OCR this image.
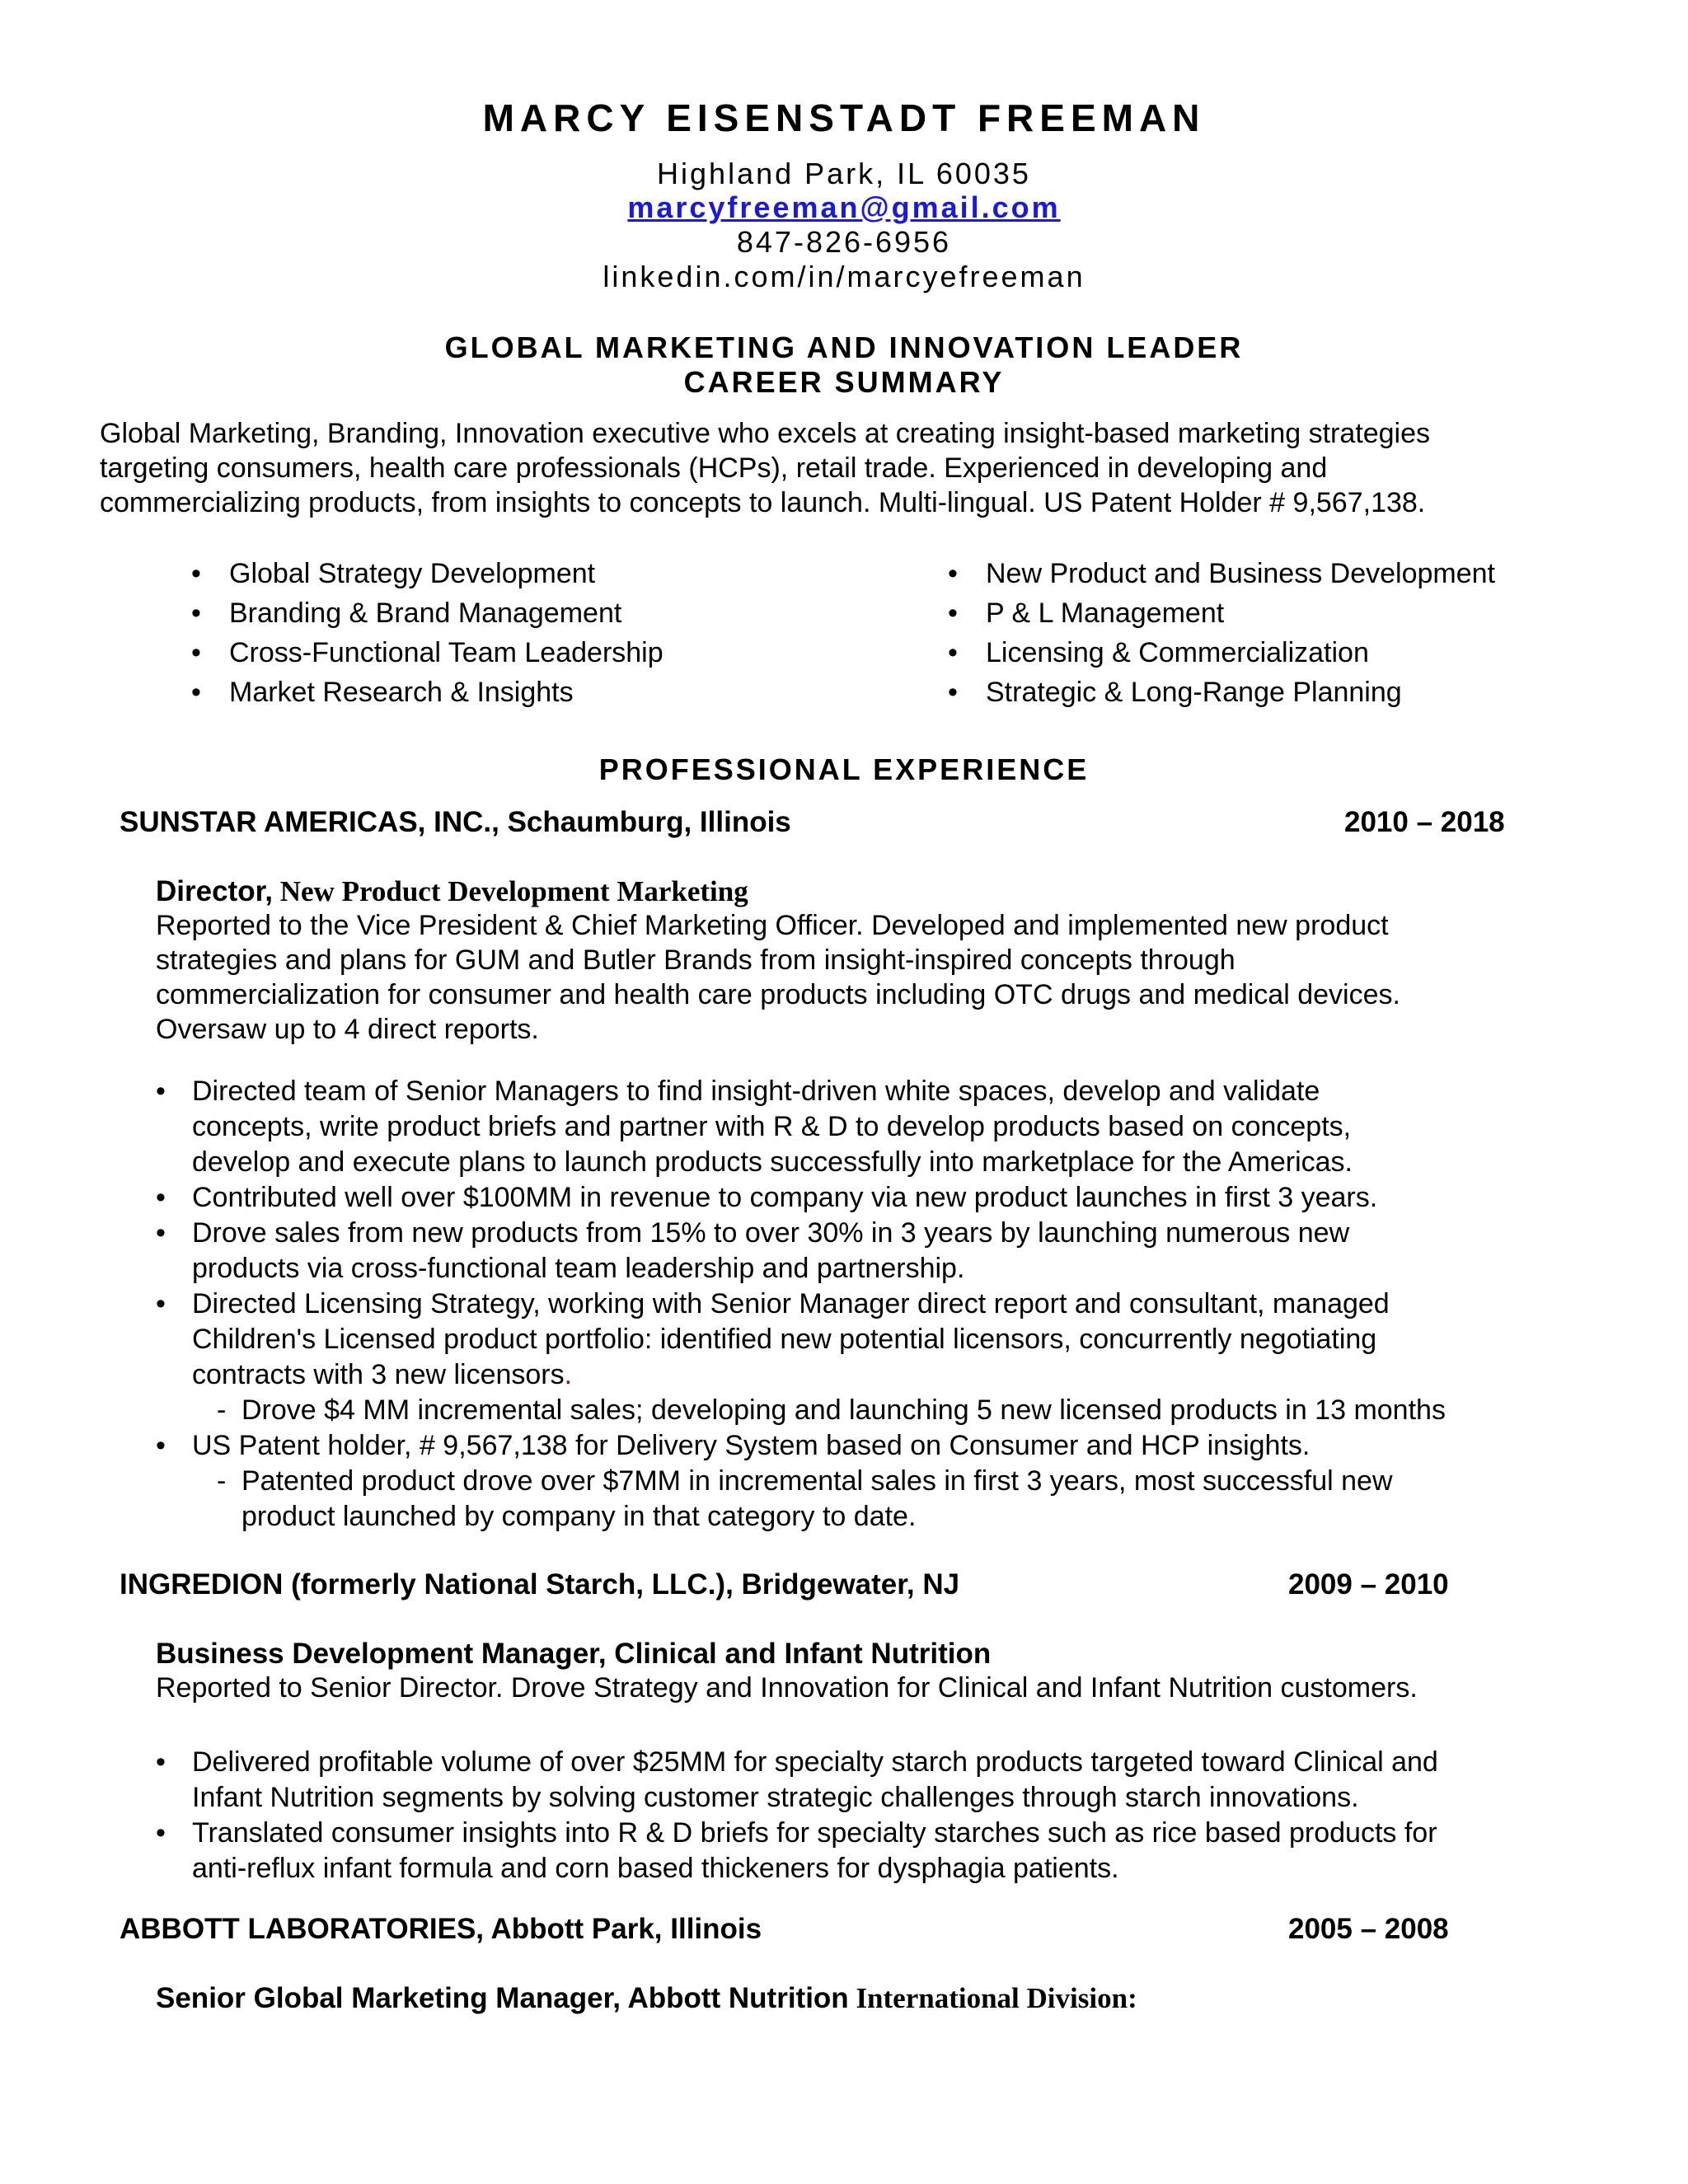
MARCY EISENSTADT FREEMAN
Highland Park, IL 60035
marcyfreeman@gmail.com
847-826-6956
linkedin.com/in/marcyefreeman
GLOBAL MARKETING AND INNOVATION LEADER
CAREER SUMMARY
Global Marketing, Branding, Innovation executive who excels at creating insight-based marketing strategies
targeting consumers, health care professionals (HCPs), retail trade. Experienced in developing and
commercializing products, from insights to concepts to launch. Multi-lingual. US Patent Holder # 9,567,138.
• Global Strategy Development
• Branding & Brand Management
• Cross-Functional Team Leadership
• Market Research & Insights
• New Product and Business Development
• P & L Management
• Licensing & Commercialization
• Strategic & Long-Range Planning
PROFESSIONAL EXPERIENCE
SUNSTAR AMERICAS, INC., Schaumburg, Illinois	2010 – 2018
Director, New Product Development Marketing
Reported to the Vice President & Chief Marketing Officer. Developed and implemented new product
strategies and plans for GUM and Butler Brands from insight-inspired concepts through
commercialization for consumer and health care products including OTC drugs and medical devices.
Oversaw up to 4 direct reports.
• Directed team of Senior Managers to find insight-driven white spaces, develop and validate
concepts, write product briefs and partner with R & D to develop products based on concepts,
develop and execute plans to launch products successfully into marketplace for the Americas.
• Contributed well over $100MM in revenue to company via new product launches in first 3 years.
• Drove sales from new products from 15% to over 30% in 3 years by launching numerous new
products via cross-functional team leadership and partnership.
• Directed Licensing Strategy, working with Senior Manager direct report and consultant, managed
Children's Licensed product portfolio: identified new potential licensors, concurrently negotiating
contracts with 3 new licensors.
- Drove $4 MM incremental sales; developing and launching 5 new licensed products in 13 months
• US Patent holder, # 9,567,138 for Delivery System based on Consumer and HCP insights.
- Patented product drove over $7MM in incremental sales in first 3 years, most successful new
product launched by company in that category to date.
INGREDION (formerly National Starch, LLC.), Bridgewater, NJ	2009 – 2010
Business Development Manager, Clinical and Infant Nutrition
Reported to Senior Director. Drove Strategy and Innovation for Clinical and Infant Nutrition customers.
• Delivered profitable volume of over $25MM for specialty starch products targeted toward Clinical and
Infant Nutrition segments by solving customer strategic challenges through starch innovations.
• Translated consumer insights into R & D briefs for specialty starches such as rice based products for
anti-reflux infant formula and corn based thickeners for dysphagia patients.
ABBOTT LABORATORIES, Abbott Park, Illinois	2005 – 2008
Senior Global Marketing Manager, Abbott Nutrition International Division:
